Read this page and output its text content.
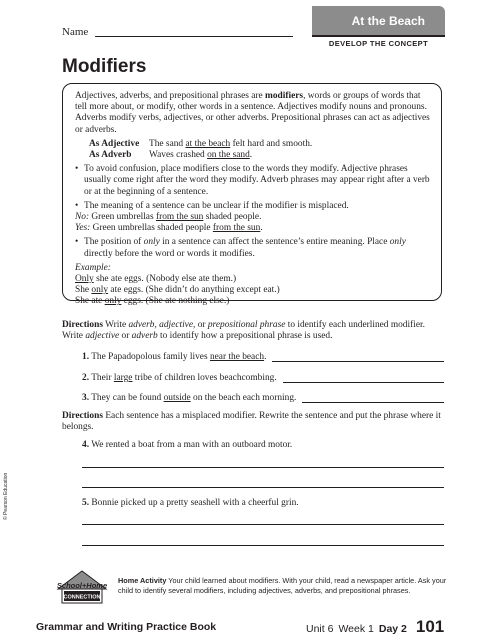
Name
At the Beach
DEVELOP THE CONCEPT
Modifiers

Adjectives, adverbs, and prepositional phrases are modifiers, words or groups of words that tell more about, or modify, other words in a sentence. Adjectives modify nouns and pronouns. Adverbs modify verbs, adjectives, or other adverbs. Prepositional phrases can act as adjectives or adverbs.

As Adjective	The sand at the beach felt hard and smooth.
As Adverb	Waves crashed on the sand.

• To avoid confusion, place modifiers close to the words they modify. Adjective phrases usually come right after the word they modify. Adverb phrases may appear right after a verb or at the beginning of a sentence.

• The meaning of a sentence can be unclear if the modifier is misplaced.

No: Green umbrellas from the sun shaded people.

Yes: Green umbrellas shaded people from the sun.

• The position of only in a sentence can affect the sentence’s entire meaning. Place only directly before the word or words it modifies.

Example:

Only she ate eggs. (Nobody else ate them.)

She only ate eggs. (She didn’t do anything except eat.)

She ate only eggs. (She ate nothing else.)

Directions Write adverb, adjective, or prepositional phrase to identify each underlined modifier. Write adjective or adverb to identify how a prepositional phrase is used.
1. The Papadopolous family lives near the beach.
2. Their large tribe of children loves beachcombing.
3. They can be found outside on the beach each morning.
Directions Each sentence has a misplaced modifier. Rewrite the sentence and put the phrase where it belongs.
4. We rented a boat from a man with an outboard motor.
5. Bonnie picked up a pretty seashell with a cheerful grin.
© Pearson Education
School+Home
CONNECTION
Home Activity Your child learned about modifiers. With your child, read a newspaper article. Ask your child to identify several modifiers, including adjectives, adverbs, and prepositional phrases.
Grammar and Writing Practice Book	Unit 6 Week 1 Day 2 101
